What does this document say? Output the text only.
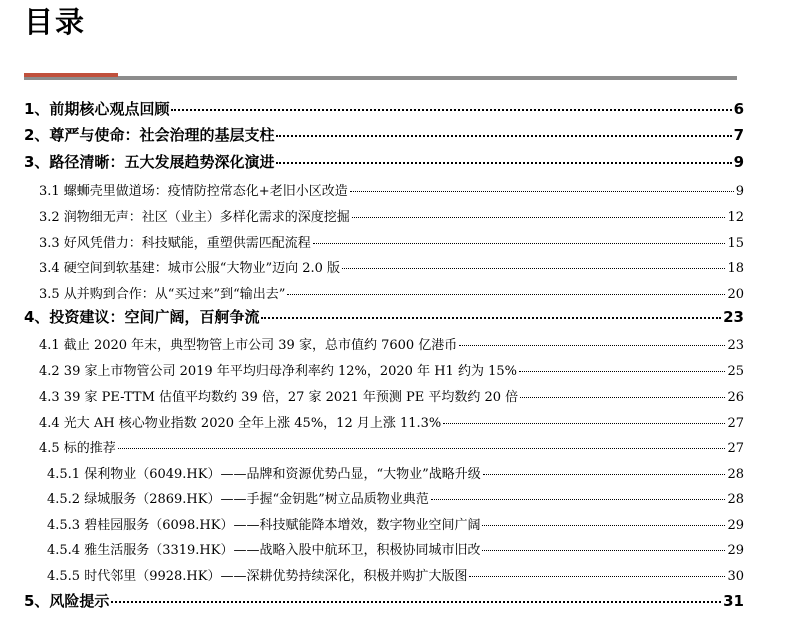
目录
1、前期核心观点回顾	6
2、尊严与使命：社会治理的基层支柱	7
3、路径清晰：五大发展趋势深化演进	9
3.1 螺蛳壳里做道场：疫情防控常态化+老旧小区改造	9
3.2 润物细无声：社区（业主）多样化需求的深度挖掘	12
3.3 好风凭借力：科技赋能，重塑供需匹配流程	15
3.4 硬空间到软基建：城市公服“大物业”迈向 2.0 版	18
3.5 从并购到合作：从“买过来”到“输出去”	20
4、投资建议：空间广阔，百舸争流	23
4.1 截止 2020 年末，典型物管上市公司 39 家，总市值约 7600 亿港币	23
4.2 39 家上市物管公司 2019 年平均归母净利率约 12%，2020 年 H1 约为 15%	25
4.3 39 家 PE-TTM 估值平均数约 39 倍，27 家 2021 年预测 PE 平均数约 20 倍	26
4.4 光大 AH 核心物业指数 2020 全年上涨 45%，12 月上涨 11.3%	27
4.5 标的推荐	27
4.5.1 保利物业（6049.HK）——品牌和资源优势凸显，“大物业”战略升级	28
4.5.2 绿城服务（2869.HK）——手握“金钥匙”树立品质物业典范	28
4.5.3 碧桂园服务（6098.HK）——科技赋能降本增效，数字物业空间广阔	29
4.5.4 雅生活服务（3319.HK）——战略入股中航环卫，积极协同城市旧改	29
4.5.5 时代邻里（9928.HK）——深耕优势持续深化，积极并购扩大版图	30
5、风险提示	31
